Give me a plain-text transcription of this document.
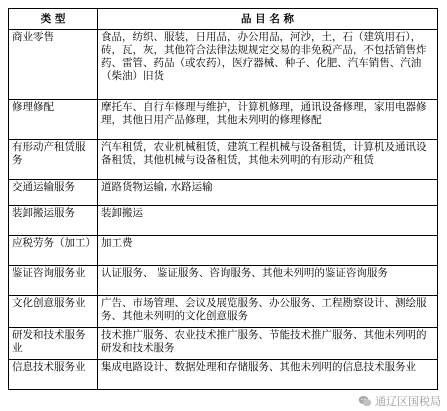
类 型	品 目 名 称
商业零售	食品，纺织、服装，日用品，办公用品，河沙，土，石（建筑用石），砖，瓦，灰，其他符合法律法规规定交易的非免税产品，不包括销售炸药、雷管、药品（或农药），医疗器械、种子、化肥、汽车销售、汽油（柴油）旧货
修理修配	摩托车、自行车修理与维护，计算机修理，通讯设备修理，家用电器修理，其他日用产品修理，其他未列明的修理修配
有形动产租赁服务	汽车租赁，农业机械租赁，建筑工程机械与设备租赁，计算机及通讯设备租赁，其他机械与设备租赁，其他未列明的有形动产租赁
交通运输服务	道路货物运输, 水路运输
装卸搬运服务	装卸搬运
应税劳务（加工）	加工费
鉴证咨询服务业	认证服务、 鉴证服务、咨询服务、其他未列明的鉴证咨询服务
文化创意服务业	广告、市场管理、会议及展览服务、办公服务、工程勘察设计、测绘服务、其他未列明的文化创意服务
研发和技术服务业	技术推广服务、农业技术推广服务、节能技术推广服务、其他未列明的研发和技术服务
信息技术服务业	集成电路设计、数据处理和存储服务、其他未列明的信息技术服务业
通辽区国税局
